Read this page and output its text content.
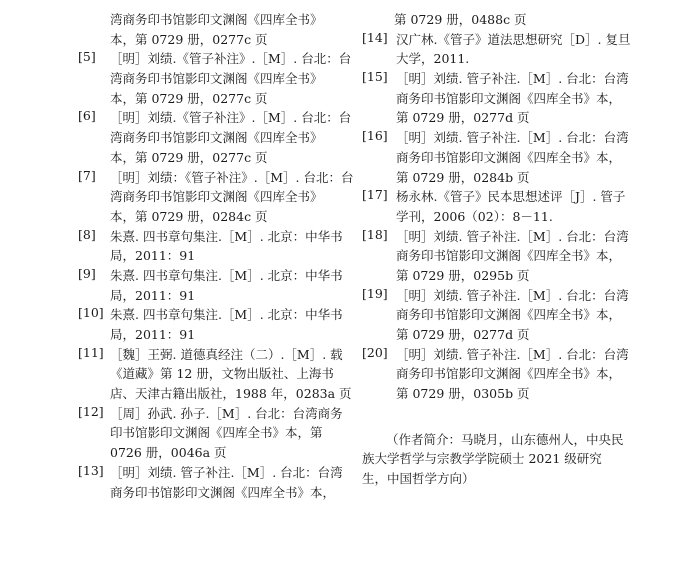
湾商务印书馆影印文渊阁《四库全书》
本，第 0729 册，0277c 页
[5]	［明］刘绩.《管子补注》.［M］. 台北：台
湾商务印书馆影印文渊阁《四库全书》
本，第 0729 册，0277c 页
[6]	［明］刘绩.《管子补注》.［M］. 台北：台
湾商务印书馆影印文渊阁《四库全书》
本，第 0729 册，0277c 页
[7]	［明］刘绩：《管子补注》.［M］. 台北：台
湾商务印书馆影印文渊阁《四库全书》
本，第 0729 册，0284c 页
[8]	朱熹. 四书章句集注.［M］. 北京：中华书
局，2011：91
[9]	朱熹. 四书章句集注.［M］. 北京：中华书
局，2011：91
[10] 朱熹. 四书章句集注.［M］. 北京：中华书
局，2011：91
[11] ［魏］王弼. 道德真经注（二）.［M］. 载
《道藏》第 12 册，文物出版社、上海书
店、天津古籍出版社，1988 年，0283a 页
[12] ［周］孙武. 孙子.［M］. 台北：台湾商务
印书馆影印文渊阁《四库全书》本，第
0726 册，0046a 页
[13] ［明］刘绩. 管子补注.［M］. 台北：台湾
商务印书馆影印文渊阁《四库全书》本，
第 0729 册，0488c 页
[14] 汉广林.《管子》道法思想研究［D］. 复旦
大学，2011.
[15] ［明］刘绩. 管子补注.［M］. 台北：台湾
商务印书馆影印文渊阁《四库全书》本，
第 0729 册，0277d 页
[16] ［明］刘绩. 管子补注.［M］. 台北：台湾
商务印书馆影印文渊阁《四库全书》本，
第 0729 册，0284b 页
[17] 杨永林.《管子》民本思想述评［J］. 管子
学刊，2006（02）：8－11.
[18] ［明］刘绩. 管子补注.［M］. 台北：台湾
商务印书馆影印文渊阁《四库全书》本，
第 0729 册，0295b 页
[19] ［明］刘绩. 管子补注.［M］. 台北：台湾
商务印书馆影印文渊阁《四库全书》本，
第 0729 册，0277d 页
[20] ［明］刘绩. 管子补注.［M］. 台北：台湾
商务印书馆影印文渊阁《四库全书》本，
第 0729 册，0305b 页
（作者简介：马晓月，山东德州人，中央民
族大学哲学与宗教学学院硕士 2021 级研究
生，中国哲学方向）
